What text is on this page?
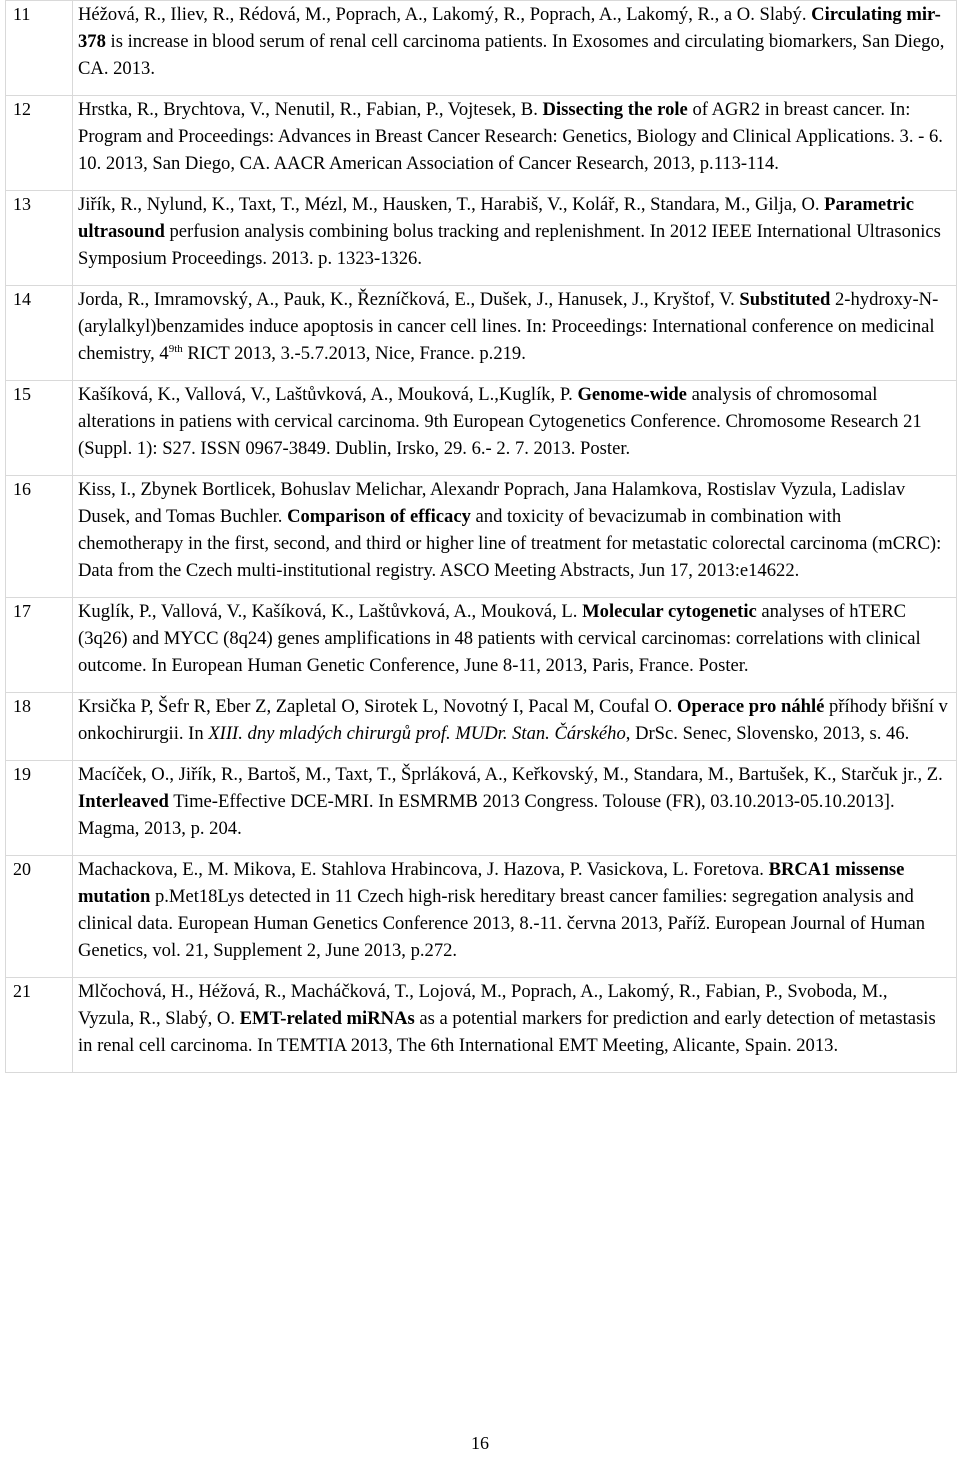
11	Héžová, R., Iliev, R., Rédová, M., Poprach, A., Lakomý, R., Poprach, A., Lakomý, R., a O. Slabý. Circulating mir-378 is increase in blood serum of renal cell carcinoma patients. In Exosomes and circulating biomarkers, San Diego, CA. 2013.

12	Hrstka, R., Brychtova, V., Nenutil, R., Fabian, P., Vojtesek, B. Dissecting the role of AGR2 in breast cancer. In: Program and Proceedings: Advances in Breast Cancer Research: Genetics, Biology and Clinical Applications. 3. - 6. 10. 2013, San Diego, CA. AACR American Association of Cancer Research, 2013, p.113-114.

13	Jiřík, R., Nylund, K., Taxt, T., Mézl, M., Hausken, T., Harabiš, V., Kolář, R., Standara, M., Gilja, O. Parametric ultrasound perfusion analysis combining bolus tracking and replenishment. In 2012 IEEE International Ultrasonics Symposium Proceedings. 2013. p. 1323-1326.

14	Jorda, R., Imramovský, A., Pauk, K., Řezníčková, E., Dušek, J., Hanusek, J., Kryštof, V. Substituted 2-hydroxy-N-(arylalkyl)benzamides induce apoptosis in cancer cell lines. In: Proceedings: International conference on medicinal chemistry, $4^{9th}$ RICT 2013, 3.-5.7.2013, Nice, France. p.219.

15	Kašíková, K., Vallová, V., Laštůvková, A., Mouková, L.,Kuglík, P. Genome-wide analysis of chromosomal alterations in patiens with cervical carcinoma. 9th European Cytogenetics Conference. Chromosome Research 21 (Suppl. 1): S27. ISSN 0967-3849. Dublin, Irsko, 29. 6.- 2. 7. 2013. Poster.

16	Kiss, I., Zbynek Bortlicek, Bohuslav Melichar, Alexandr Poprach, Jana Halamkova, Rostislav Vyzula, Ladislav Dusek, and Tomas Buchler. Comparison of efficacy and toxicity of bevacizumab in combination with chemotherapy in the first, second, and third or higher line of treatment for metastatic colorectal carcinoma (mCRC): Data from the Czech multi-institutional registry. ASCO Meeting Abstracts, Jun 17, 2013:e14622.

17	Kuglík, P., Vallová, V., Kašíková, K., Laštůvková, A., Mouková, L. Molecular cytogenetic analyses of hTERC (3q26) and MYCC (8q24) genes amplifications in 48 patients with cervical carcinomas: correlations with clinical outcome. In European Human Genetic Conference, June 8-11, 2013, Paris, France. Poster.

18	Krsička P, Šefr R, Eber Z, Zapletal O, Sirotek L, Novotný I, Pacal M, Coufal O. Operace pro náhlé příhody břišní v onkochirurgii. In XIII. dny mladých chirurgů prof. MUDr. Stan. Čárského, DrSc. Senec, Slovensko, 2013, s. 46.

19	Macíček, O., Jiřík, R., Bartoš, M., Taxt, T., Šprláková, A., Keřkovský, M., Standara, M., Bartušek, K., Starčuk jr., Z. Interleaved Time-Effective DCE-MRI. In ESMRMB 2013 Congress. Tolouse (FR), 03.10.2013-05.10.2013]. Magma, 2013, p. 204.

20	Machackova, E., M. Mikova, E. Stahlova Hrabincova, J. Hazova, P. Vasickova, L. Foretova. BRCA1 missense mutation p.Met18Lys detected in 11 Czech high-risk hereditary breast cancer families: segregation analysis and clinical data. European Human Genetics Conference 2013, 8.-11. června 2013, Paříž. European Journal of Human Genetics, vol. 21, Supplement 2, June 2013, p.272.

21	Mlčochová, H., Héžová, R., Macháčková, T., Lojová, M., Poprach, A., Lakomý, R., Fabian, P., Svoboda, M., Vyzula, R., Slabý, O. EMT-related miRNAs as a potential markers for prediction and early detection of metastasis in renal cell carcinoma. In TEMTIA 2013, The 6th International EMT Meeting, Alicante, Spain. 2013.
16
